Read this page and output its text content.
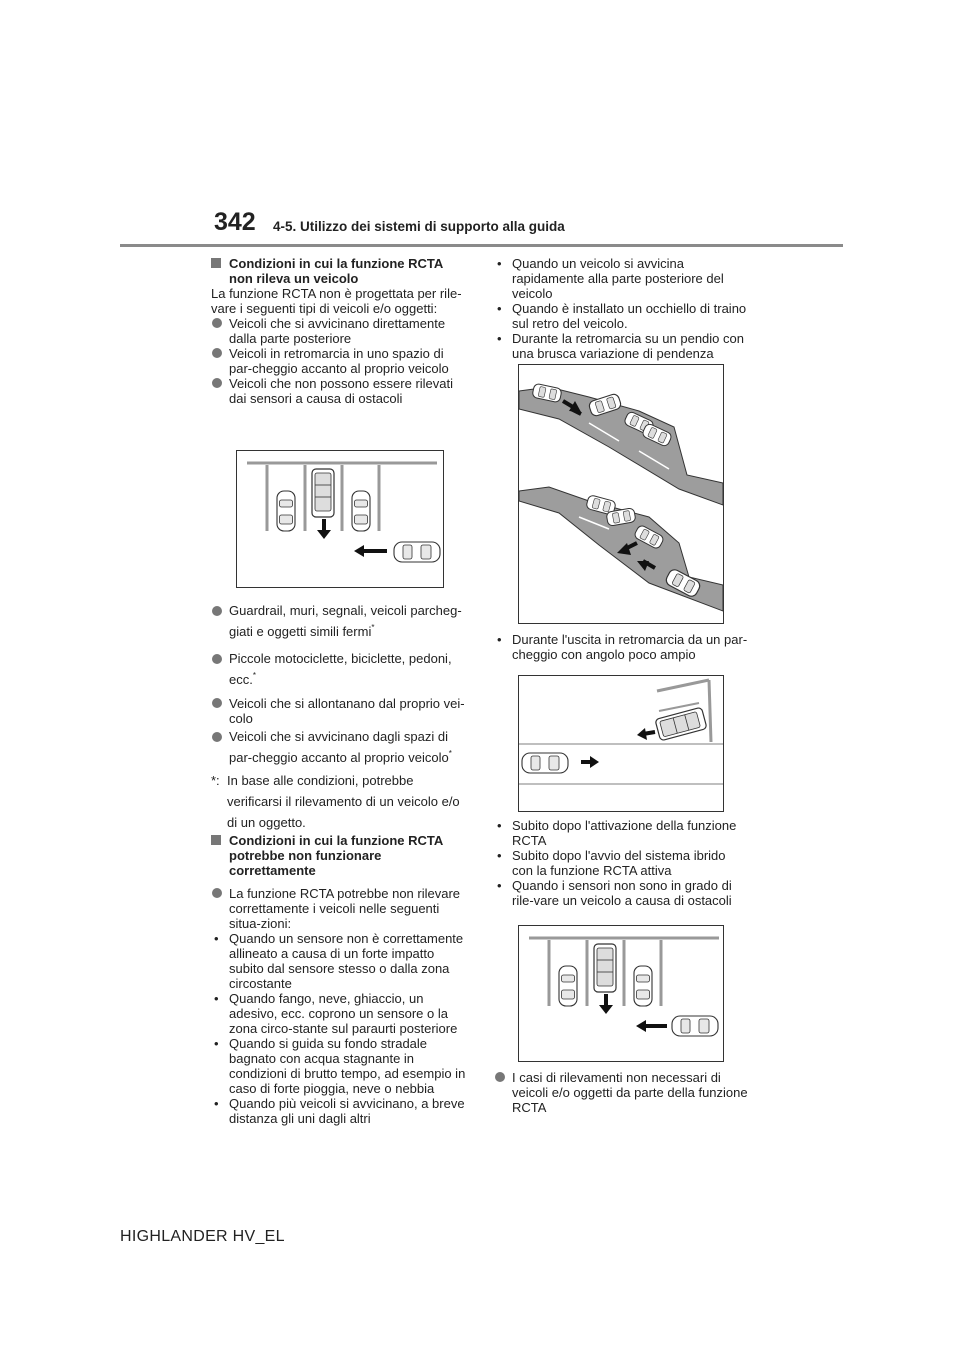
342 4-5. Utilizzo dei sistemi di supporto alla guida

Condizioni in cui la funzione RCTA non rileva un veicolo

La funzione RCTA non è progettata per rile-vare i seguenti tipi di veicoli e/o oggetti:

Veicoli che si avvicinano direttamente dalla parte posteriore

Veicoli in retromarcia in uno spazio di par-cheggio accanto al proprio veicolo

Veicoli che non possono essere rilevati dai sensori a causa di ostacoli

Guardrail, muri, segnali, veicoli parcheg-giati e oggetti simili fermi*

Piccole motociclette, biciclette, pedoni, ecc.*

Veicoli che si allontanano dal proprio vei-colo

Veicoli che si avvicinano dagli spazi di par-cheggio accanto al proprio veicolo*

*: In base alle condizioni, potrebbe verificarsi il rilevamento di un veicolo e/o di un oggetto.

Condizioni in cui la funzione RCTA potrebbe non funzionare correttamente

La funzione RCTA potrebbe non rilevare correttamente i veicoli nelle seguenti situa-zioni:

• Quando un sensore non è correttamente allineato a causa di un forte impatto subito dal sensore stesso o dalla zona circostante

• Quando fango, neve, ghiaccio, un adesivo, ecc. coprono un sensore o la zona circo-stante sul paraurti posteriore

• Quando si guida su fondo stradale bagnato con acqua stagnante in condizioni di brutto tempo, ad esempio in caso di forte pioggia, neve o nebbia

• Quando più veicoli si avvicinano, a breve distanza gli uni dagli altri

• Quando un veicolo si avvicina rapidamente alla parte posteriore del veicolo

• Quando è installato un occhiello di traino sul retro del veicolo.

• Durante la retromarcia su un pendio con una brusca variazione di pendenza

• Durante l'uscita in retromarcia da un par-cheggio con angolo poco ampio

• Subito dopo l'attivazione della funzione RCTA

• Subito dopo l'avvio del sistema ibrido con la funzione RCTA attiva

• Quando i sensori non sono in grado di rile-vare un veicolo a causa di ostacoli

I casi di rilevamenti non necessari di veicoli e/o oggetti da parte della funzione RCTA

HIGHLANDER HV_EL
